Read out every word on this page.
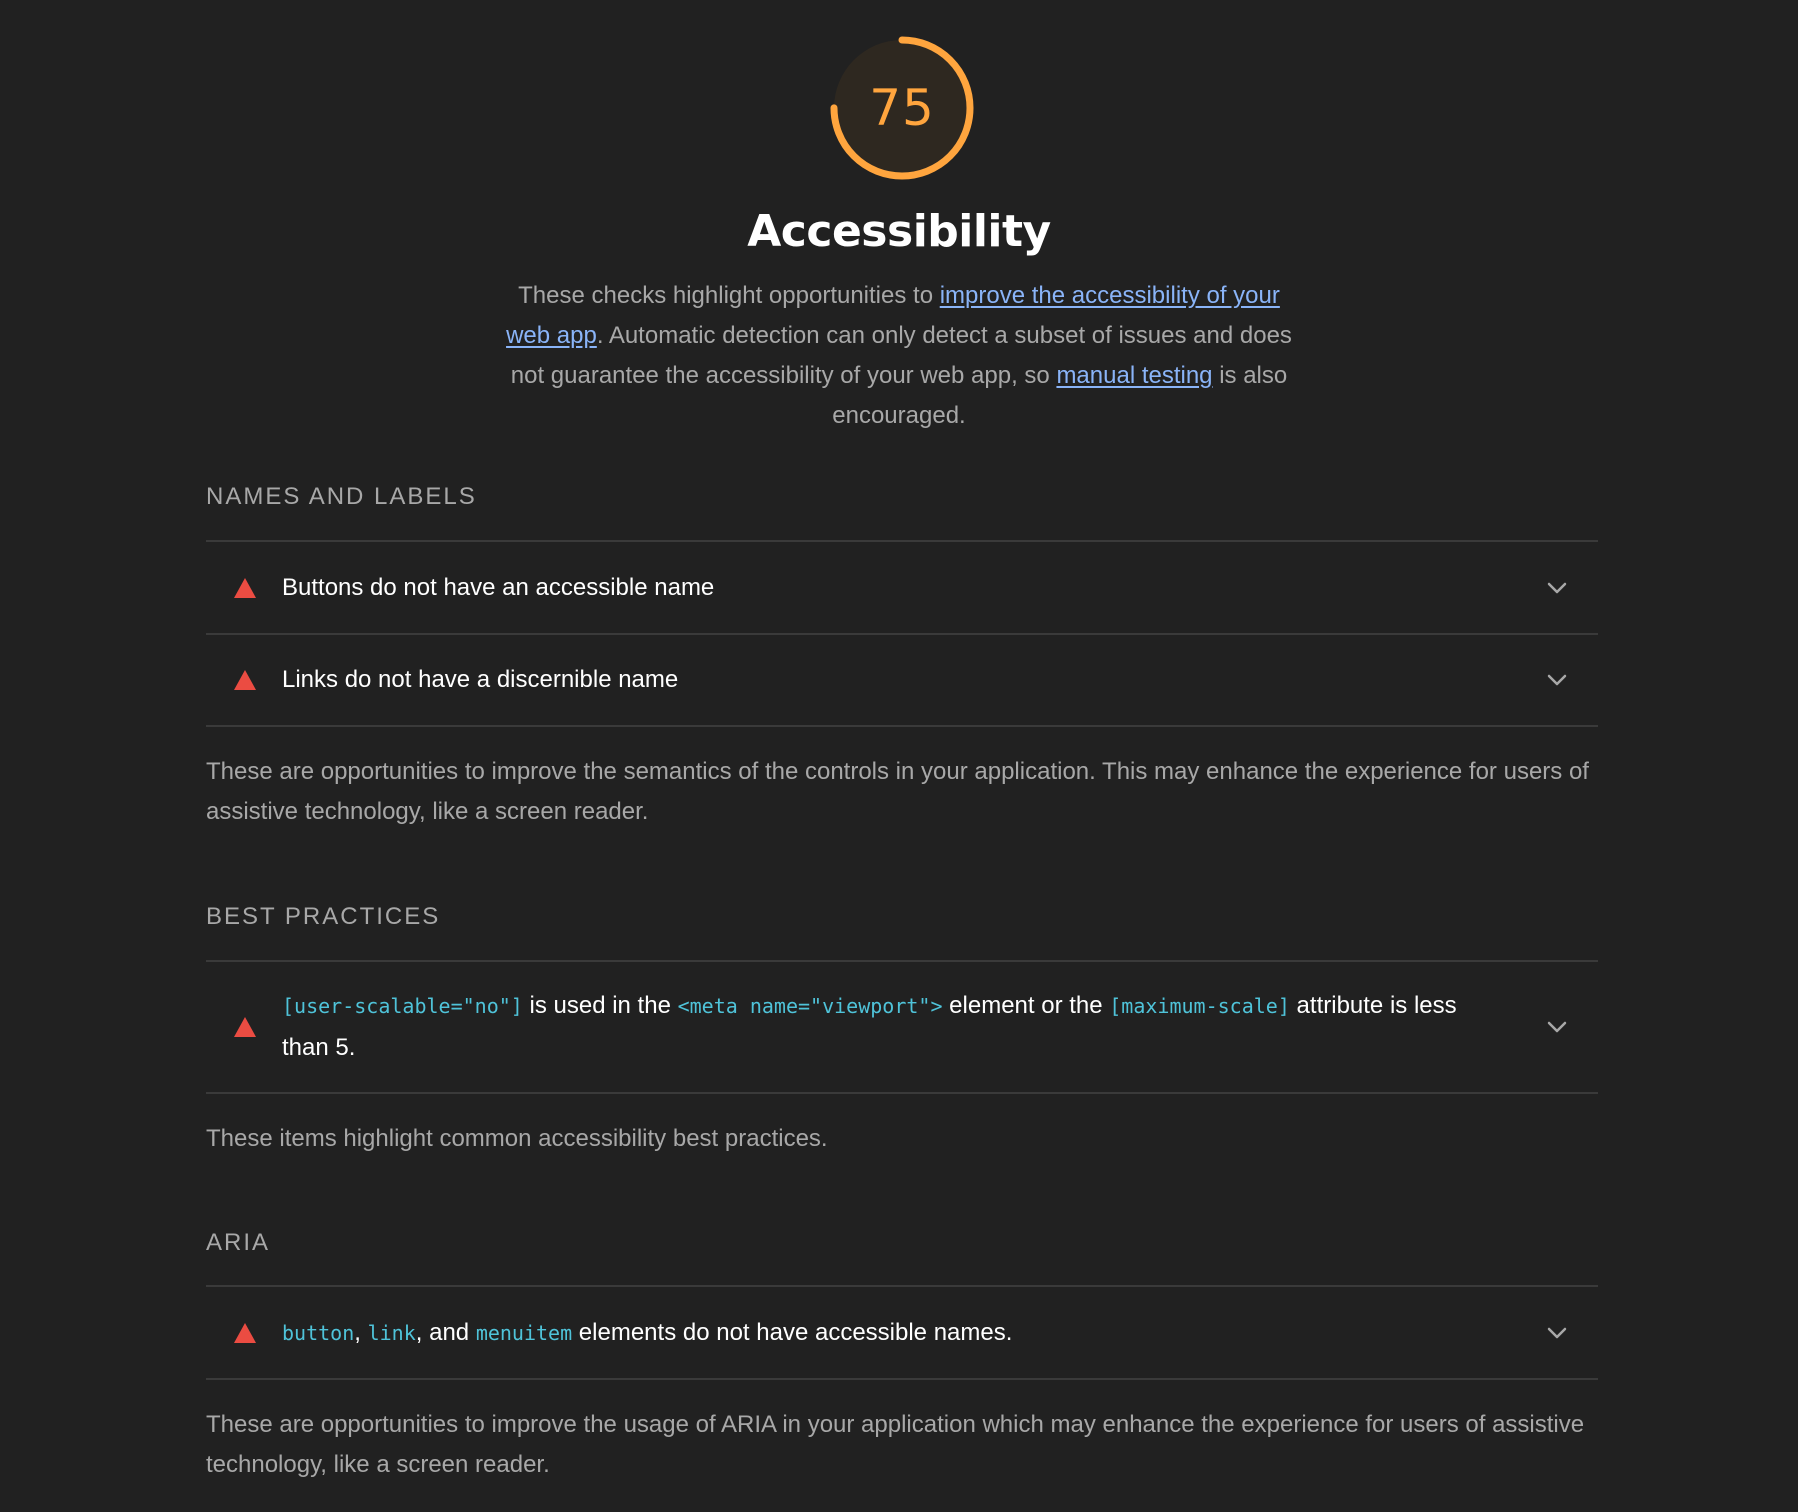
75
Accessibility
These checks highlight opportunities to improve the accessibility of your web app. Automatic detection can only detect a subset of issues and does not guarantee the accessibility of your web app, so manual testing is also encouraged.
NAMES AND LABELS
Buttons do not have an accessible name
Links do not have a discernible name
These are opportunities to improve the semantics of the controls in your application. This may enhance the experience for users of assistive technology, like a screen reader.
BEST PRACTICES
[user-scalable="no"] is used in the <meta name="viewport"> element or the [maximum-scale] attribute is less than 5.
These items highlight common accessibility best practices.
ARIA
button, link, and menuitem elements do not have accessible names.
These are opportunities to improve the usage of ARIA in your application which may enhance the experience for users of assistive technology, like a screen reader.
